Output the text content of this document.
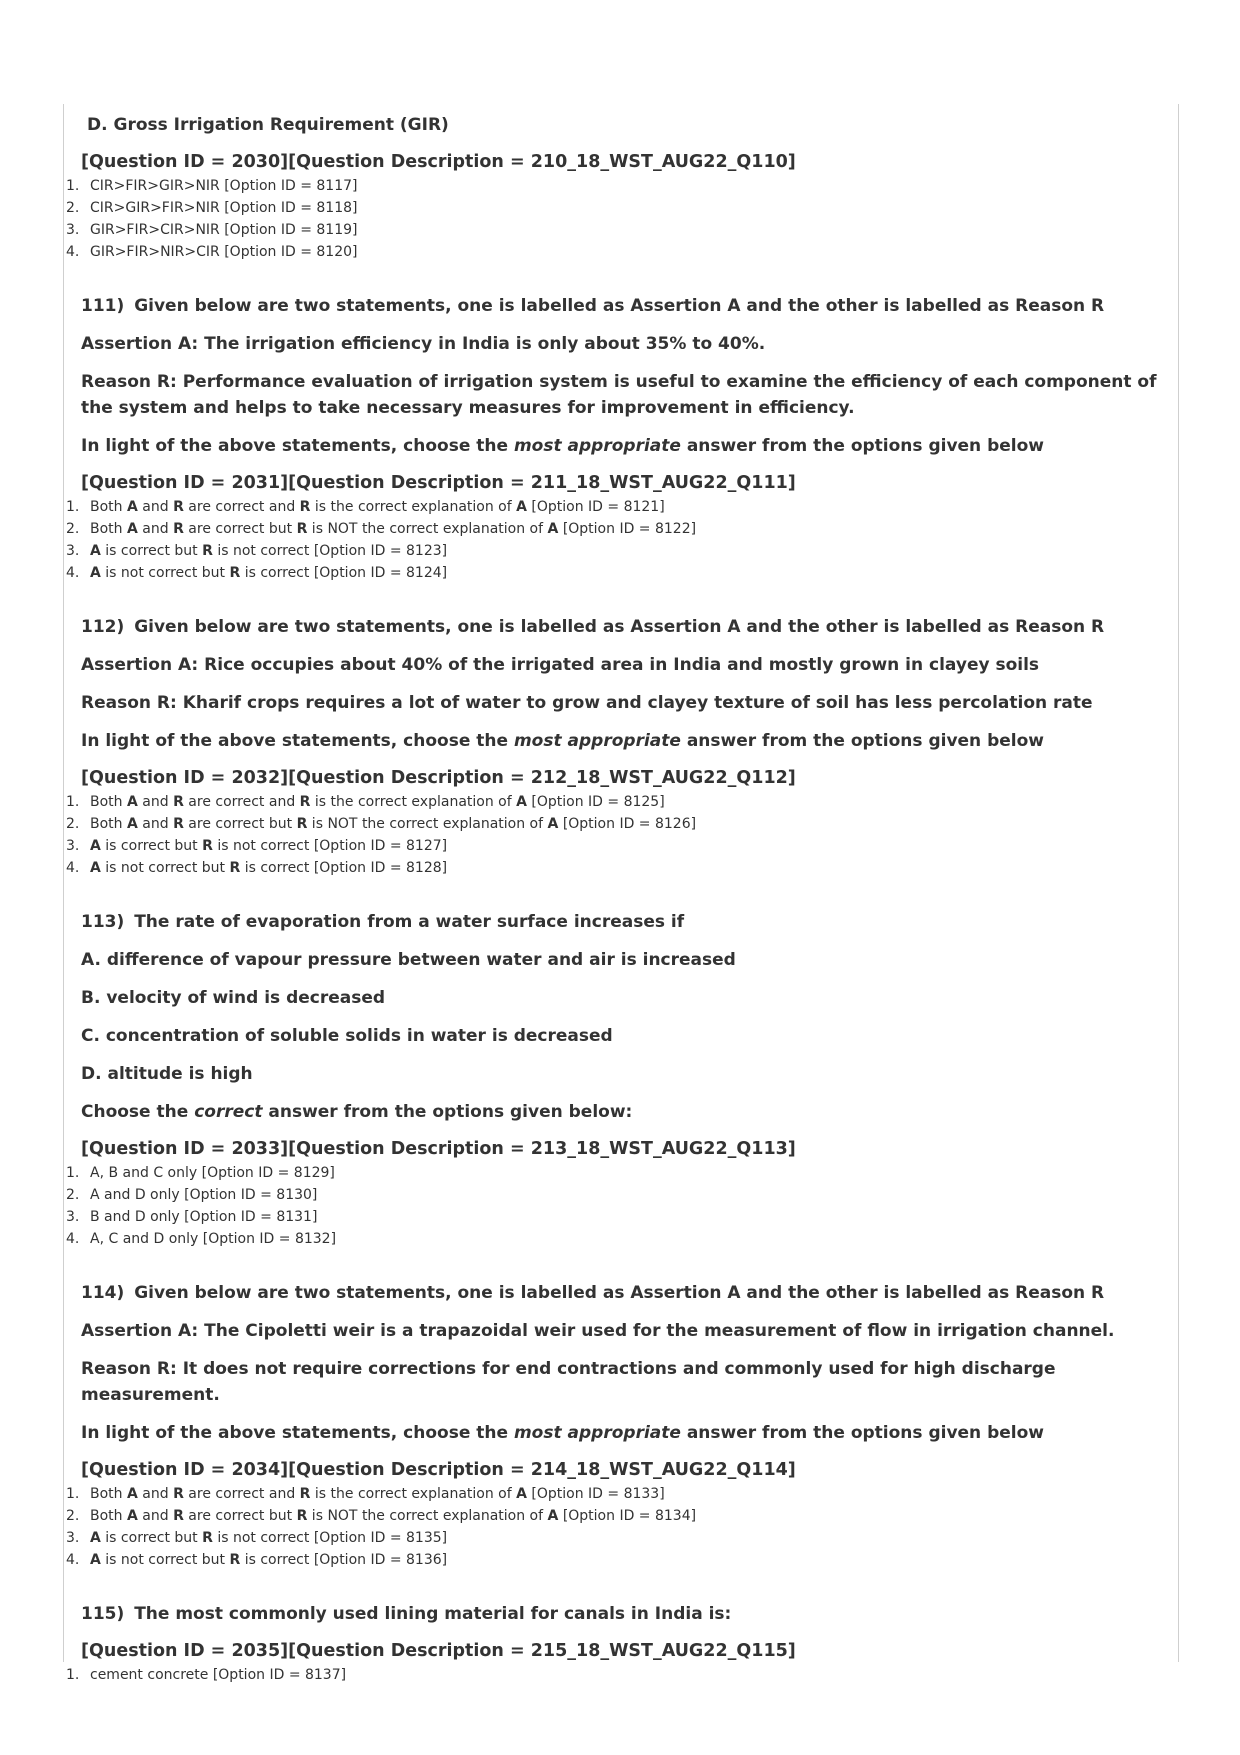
D. Gross Irrigation Requirement (GIR)

[Question ID = 2030][Question Description = 210_18_WST_AUG22_Q110]

1. CIR>FIR>GIR>NIR [Option ID = 8117]
2. CIR>GIR>FIR>NIR [Option ID = 8118]
3. GIR>FIR>CIR>NIR [Option ID = 8119]
4. GIR>FIR>NIR>CIR [Option ID = 8120]

111) Given below are two statements, one is labelled as Assertion A and the other is labelled as Reason R

Assertion A: The irrigation efficiency in India is only about 35% to 40%.

Reason R: Performance evaluation of irrigation system is useful to examine the efficiency of each component of the system and helps to take necessary measures for improvement in efficiency.

In light of the above statements, choose the most appropriate answer from the options given below

[Question ID = 2031][Question Description = 211_18_WST_AUG22_Q111]

1. Both A and R are correct and R is the correct explanation of A [Option ID = 8121]
2. Both A and R are correct but R is NOT the correct explanation of A [Option ID = 8122]
3. A is correct but R is not correct [Option ID = 8123]
4. A is not correct but R is correct [Option ID = 8124]

112) Given below are two statements, one is labelled as Assertion A and the other is labelled as Reason R

Assertion A: Rice occupies about 40% of the irrigated area in India and mostly grown in clayey soils

Reason R: Kharif crops requires a lot of water to grow and clayey texture of soil has less percolation rate

In light of the above statements, choose the most appropriate answer from the options given below

[Question ID = 2032][Question Description = 212_18_WST_AUG22_Q112]

1. Both A and R are correct and R is the correct explanation of A [Option ID = 8125]
2. Both A and R are correct but R is NOT the correct explanation of A [Option ID = 8126]
3. A is correct but R is not correct [Option ID = 8127]
4. A is not correct but R is correct [Option ID = 8128]

113) The rate of evaporation from a water surface increases if

A. difference of vapour pressure between water and air is increased

B. velocity of wind is decreased

C. concentration of soluble solids in water is decreased

D. altitude is high

Choose the correct answer from the options given below:

[Question ID = 2033][Question Description = 213_18_WST_AUG22_Q113]

1. A, B and C only [Option ID = 8129]
2. A and D only [Option ID = 8130]
3. B and D only [Option ID = 8131]
4. A, C and D only [Option ID = 8132]

114) Given below are two statements, one is labelled as Assertion A and the other is labelled as Reason R

Assertion A: The Cipoletti weir is a trapazoidal weir used for the measurement of flow in irrigation channel.

Reason R: It does not require corrections for end contractions and commonly used for high discharge measurement.

In light of the above statements, choose the most appropriate answer from the options given below

[Question ID = 2034][Question Description = 214_18_WST_AUG22_Q114]

1. Both A and R are correct and R is the correct explanation of A [Option ID = 8133]
2. Both A and R are correct but R is NOT the correct explanation of A [Option ID = 8134]
3. A is correct but R is not correct [Option ID = 8135]
4. A is not correct but R is correct [Option ID = 8136]

115) The most commonly used lining material for canals in India is:

[Question ID = 2035][Question Description = 215_18_WST_AUG22_Q115]

1. cement concrete [Option ID = 8137]
